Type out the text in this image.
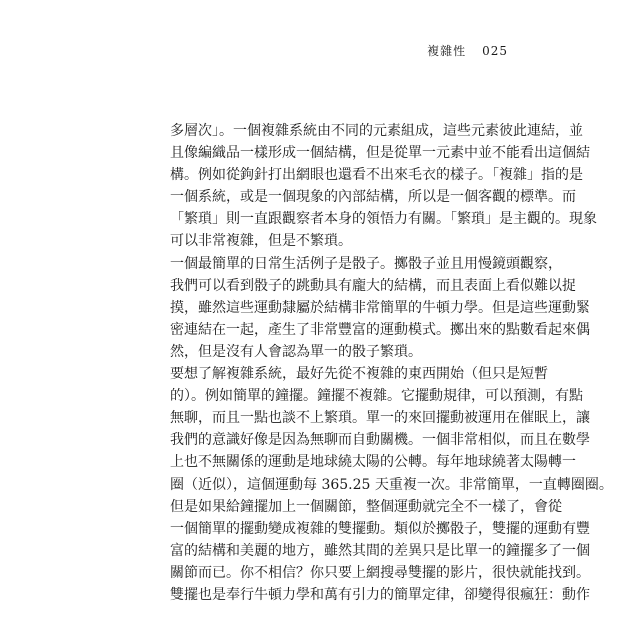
複雜性 025
多層次」。一個複雜系統由不同的元素組成，這些元素彼此連結，並
且像編織品一樣形成一個結構，但是從單一元素中並不能看出這個結
構。例如從鉤針打出網眼也還看不出來毛衣的樣子。「複雜」指的是
一個系統，或是一個現象的內部結構，所以是一個客觀的標準。而
「繁瑣」則一直跟觀察者本身的領悟力有關。「繁瑣」是主觀的。現象
可以非常複雜，但是不繁瑣。
一個最簡單的日常生活例子是骰子。擲骰子並且用慢鏡頭觀察，
我們可以看到骰子的跳動具有龐大的結構，而且表面上看似難以捉
摸，雖然這些運動隸屬於結構非常簡單的牛頓力學。但是這些運動緊
密連結在一起，產生了非常豐富的運動模式。擲出來的點數看起來偶
然，但是沒有人會認為單一的骰子繁瑣。
要想了解複雜系統，最好先從不複雜的東西開始（但只是短暫
的）。例如簡單的鐘擺。鐘擺不複雜。它擺動規律，可以預測，有點
無聊，而且一點也談不上繁瑣。單一的來回擺動被運用在催眠上，讓
我們的意識好像是因為無聊而自動關機。一個非常相似，而且在數學
上也不無關係的運動是地球繞太陽的公轉。每年地球繞著太陽轉一
圈（近似），這個運動每 365.25 天重複一次。非常簡單，一直轉圈圈。
但是如果給鐘擺加上一個關節，整個運動就完全不一樣了，會從
一個簡單的擺動變成複雜的雙擺動。類似於擲骰子，雙擺的運動有豐
富的結構和美麗的地方，雖然其間的差異只是比單一的鐘擺多了一個
關節而已。你不相信？你只要上網搜尋雙擺的影片，很快就能找到。
雙擺也是奉行牛頓力學和萬有引力的簡單定律，卻變得很瘋狂：動作
